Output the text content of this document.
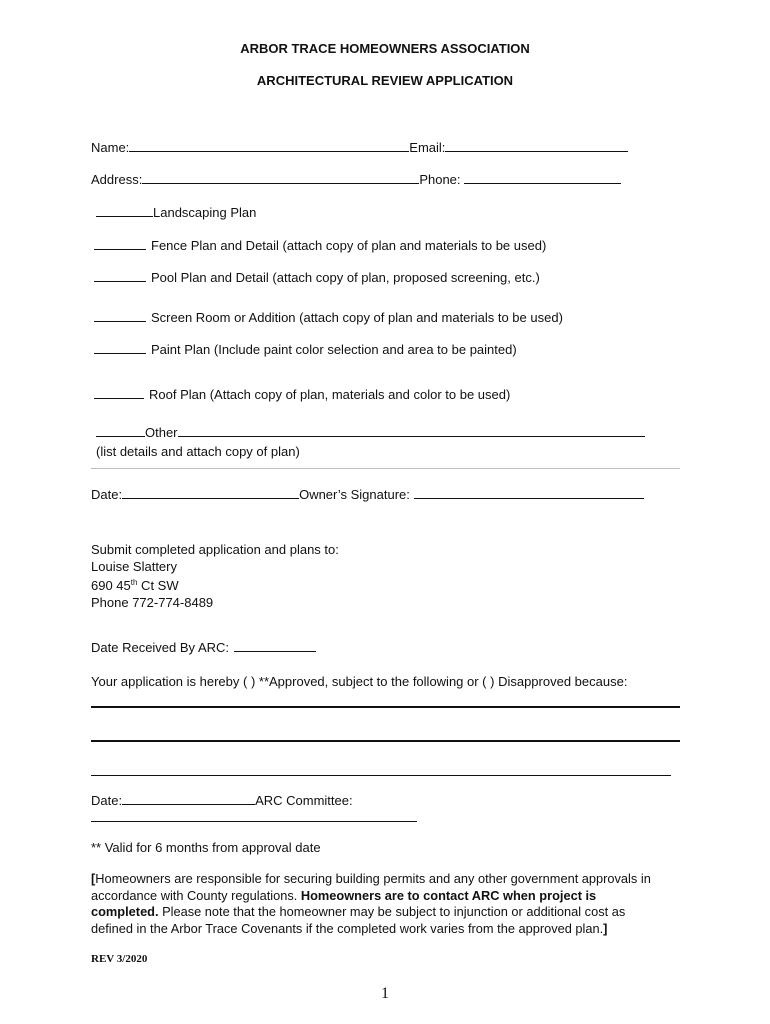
ARBOR TRACE HOMEOWNERS ASSOCIATION
ARCHITECTURAL REVIEW APPLICATION
Name:	Email:
Address:	Phone:
Landscaping Plan
Fence Plan and Detail (attach copy of plan and materials to be used)
Pool Plan and Detail (attach copy of plan, proposed screening, etc.)
Screen Room or Addition (attach copy of plan and materials to be used)
Paint Plan (Include paint color selection and area to be painted)
Roof Plan (Attach copy of plan, materials and color to be used)
Other
(list details and attach copy of plan)
Date:	Owner’s Signature:
Submit completed application and plans to:
Louise Slattery
690 45th Ct SW
Phone 772-774-8489
Date Received By ARC:
Your application is hereby ( ) **Approved, subject to the following or ( ) Disapproved because:
Date:	ARC Committee:
** Valid for 6 months from approval date
[Homeowners are responsible for securing building permits and any other government approvals in accordance with County regulations. Homeowners are to contact ARC when project is completed. Please note that the homeowner may be subject to injunction or additional cost as defined in the Arbor Trace Covenants if the completed work varies from the approved plan.]
REV 3/2020
1
